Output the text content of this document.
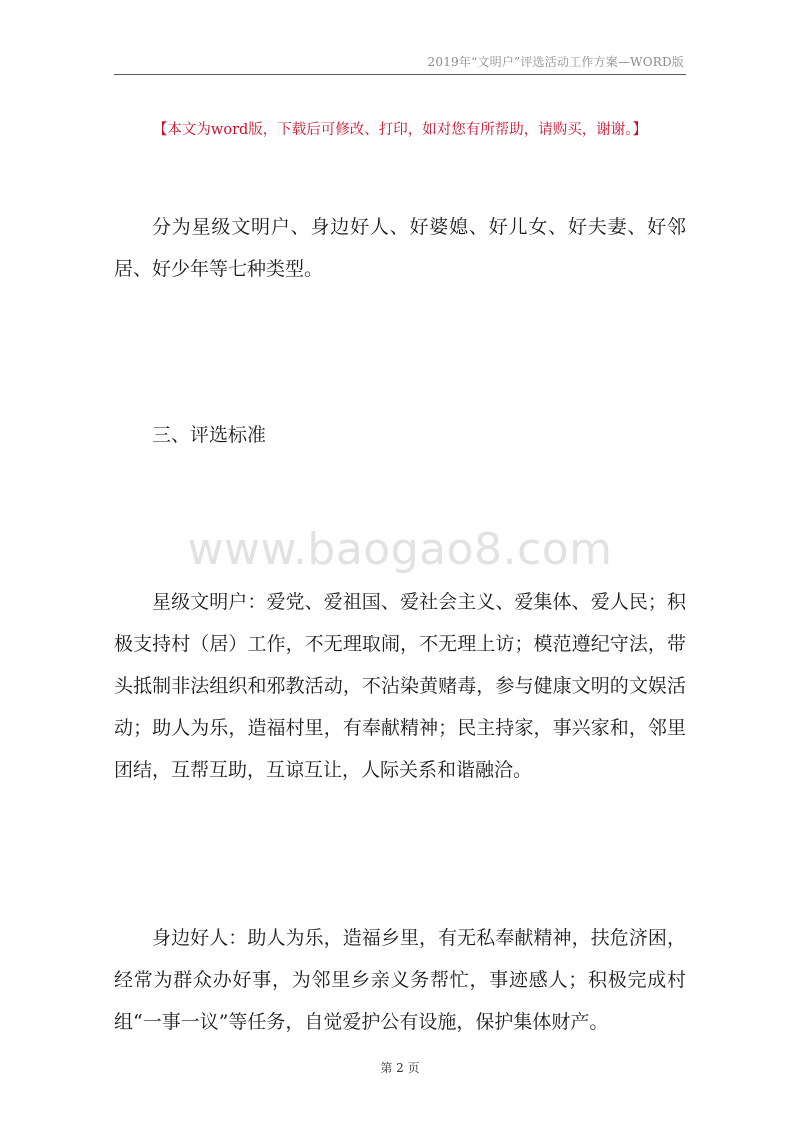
2019年“文明户”评选活动工作方案—WORD版
【本文为word版，下载后可修改、打印，如对您有所帮助，请购买，谢谢。】

分为星级文明户、身边好人、好婆媳、好儿女、好夫妻、好邻居、好少年等七种类型。

三、评选标准

www.baogao8.com

星级文明户：爱党、爱祖国、爱社会主义、爱集体、爱人民；积极支持村（居）工作，不无理取闹，不无理上访；模范遵纪守法，带头抵制非法组织和邪教活动，不沾染黄赌毒，参与健康文明的文娱活动；助人为乐，造福村里，有奉献精神；民主持家，事兴家和，邻里团结，互帮互助，互谅互让，人际关系和谐融洽。

身边好人：助人为乐，造福乡里，有无私奉献精神，扶危济困，经常为群众办好事，为邻里乡亲义务帮忙，事迹感人；积极完成村组“一事一议”等任务，自觉爱护公有设施，保护集体财产。

第 2 页
